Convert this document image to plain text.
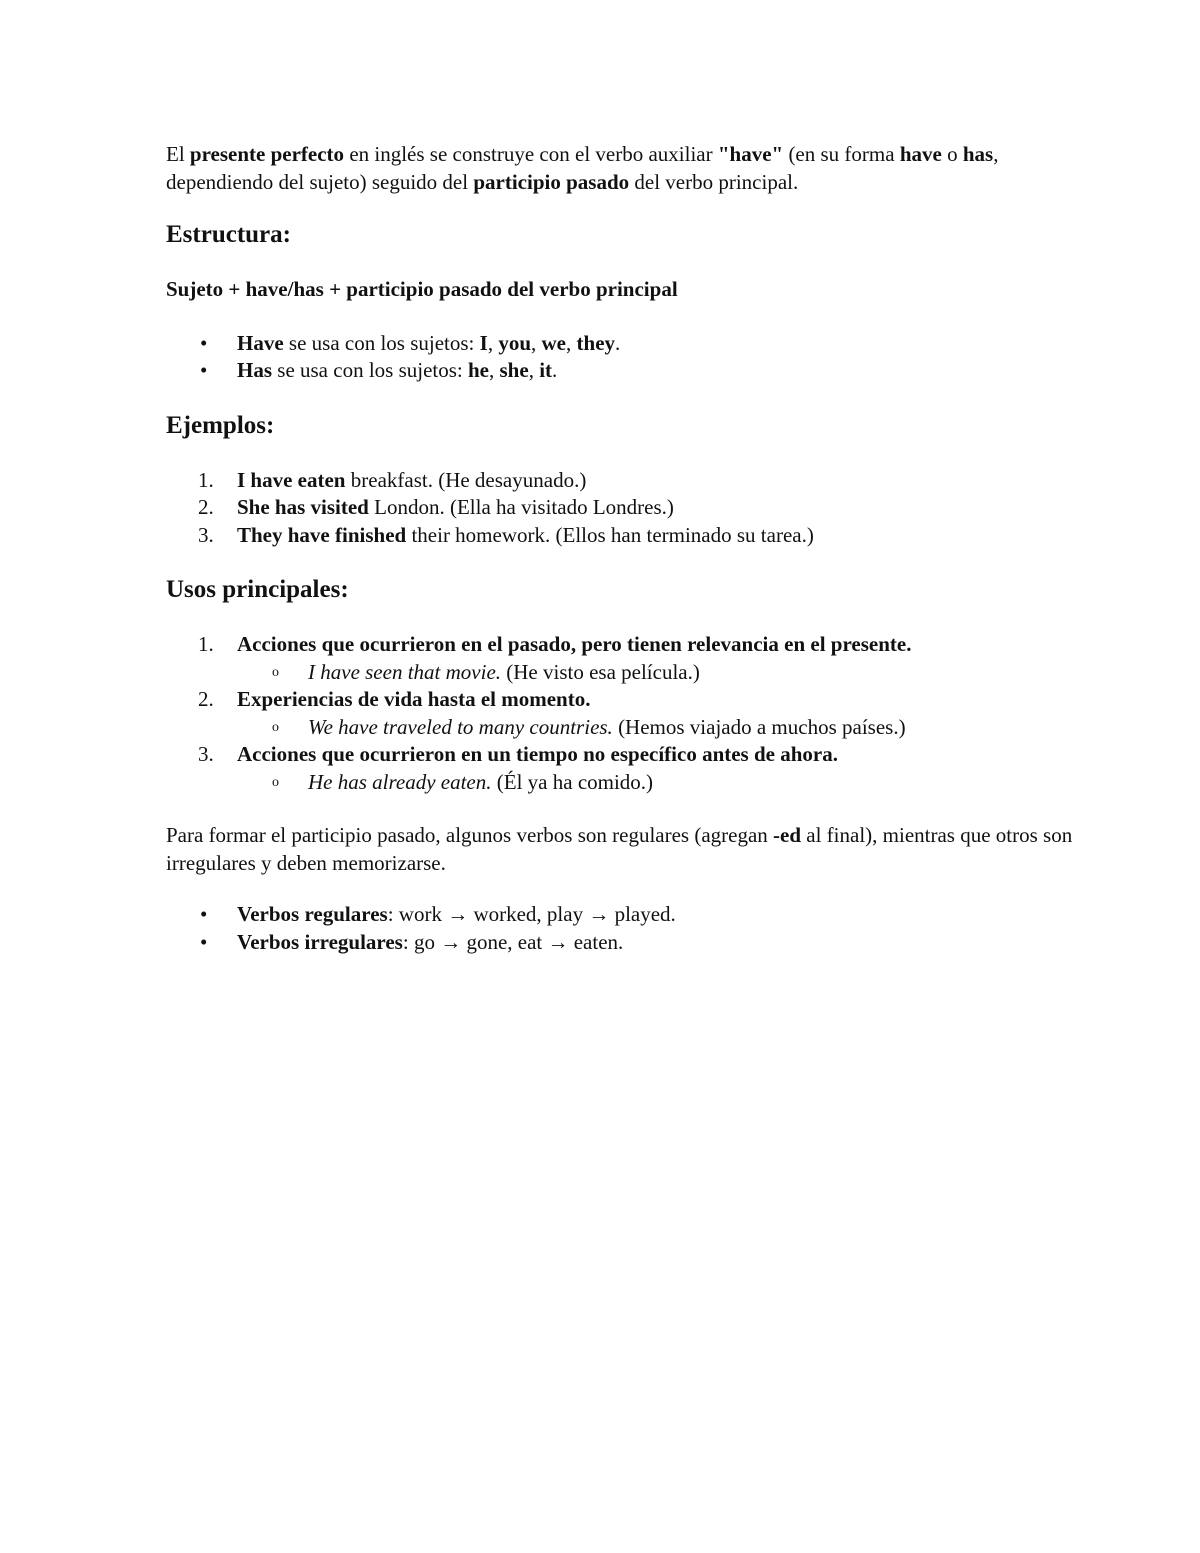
El presente perfecto en inglés se construye con el verbo auxiliar "have" (en su forma have o has, dependiendo del sujeto) seguido del participio pasado del verbo principal.

Estructura:

Sujeto + have/has + participio pasado del verbo principal

• Have se usa con los sujetos: I, you, we, they.
• Has se usa con los sujetos: he, she, it.
Ejemplos:
1. I have eaten breakfast. (He desayunado.)
2. She has visited London. (Ella ha visitado Londres.)
3. They have finished their homework. (Ellos han terminado su tarea.)
Usos principales:
1. Acciones que ocurrieron en el pasado, pero tienen relevancia en el presente.
o I have seen that movie. (He visto esa película.)
2. Experiencias de vida hasta el momento.
o We have traveled to many countries. (Hemos viajado a muchos países.)
3. Acciones que ocurrieron en un tiempo no específico antes de ahora.
o He has already eaten. (Él ya ha comido.)

Para formar el participio pasado, algunos verbos son regulares (agregan -ed al final), mientras que otros son irregulares y deben memorizarse.

• Verbos regulares: work → worked, play → played.
• Verbos irregulares: go → gone, eat → eaten.
